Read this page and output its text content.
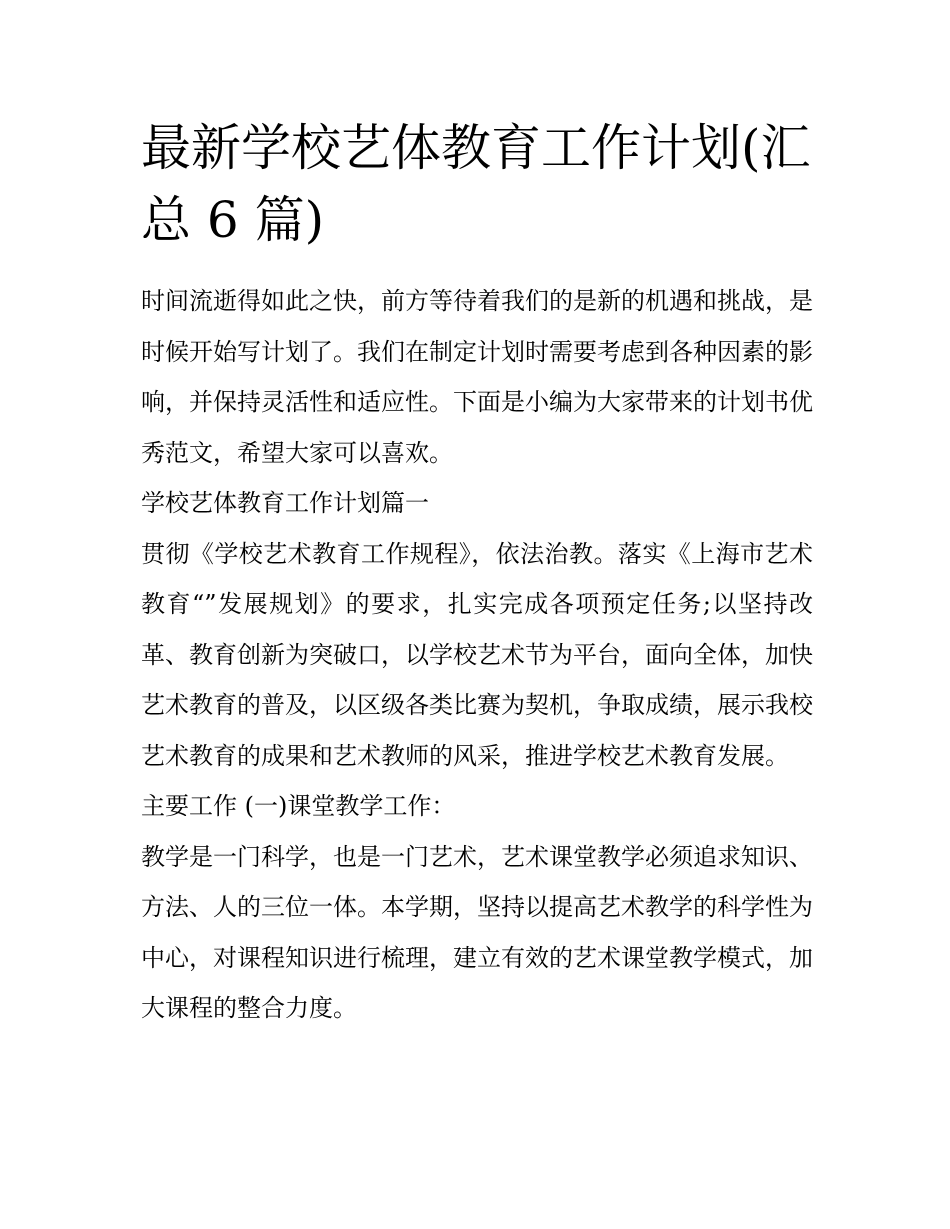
最新学校艺体教育工作计划(汇总 6 篇)

时间流逝得如此之快，前方等待着我们的是新的机遇和挑战，是时候开始写计划了。我们在制定计划时需要考虑到各种因素的影响，并保持灵活性和适应性。下面是小编为大家带来的计划书优秀范文，希望大家可以喜欢。

学校艺体教育工作计划篇一

贯彻《学校艺术教育工作规程》，依法治教。落实《上海市艺术教育“”发展规划》的要求，扎实完成各项预定任务;以坚持改革、教育创新为突破口，以学校艺术节为平台，面向全体，加快艺术教育的普及，以区级各类比赛为契机，争取成绩，展示我校艺术教育的成果和艺术教师的风采，推进学校艺术教育发展。

主要工作 (一)课堂教学工作：

教学是一门科学，也是一门艺术，艺术课堂教学必须追求知识、方法、人的三位一体。本学期，坚持以提高艺术教学的科学性为中心，对课程知识进行梳理，建立有效的艺术课堂教学模式，加大课程的整合力度。
